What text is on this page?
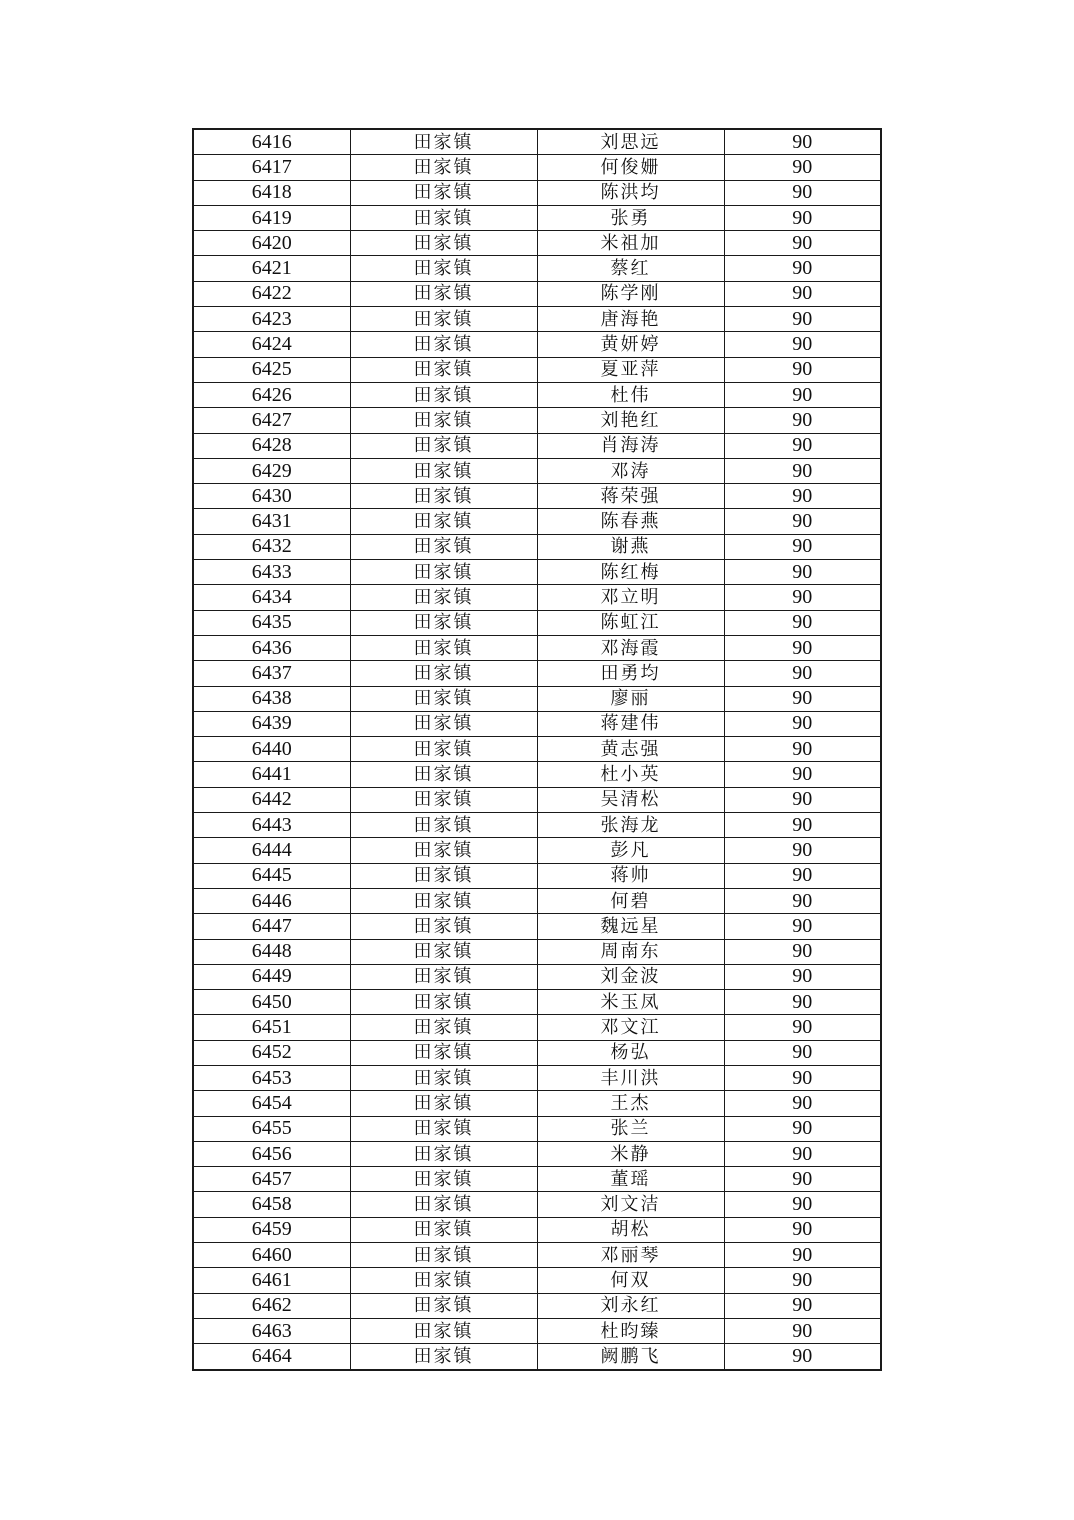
6416	田家镇	刘思远	90
6417	田家镇	何俊姗	90
6418	田家镇	陈洪均	90
6419	田家镇	张勇	90
6420	田家镇	米祖加	90
6421	田家镇	蔡红	90
6422	田家镇	陈学刚	90
6423	田家镇	唐海艳	90
6424	田家镇	黄妍婷	90
6425	田家镇	夏亚萍	90
6426	田家镇	杜伟	90
6427	田家镇	刘艳红	90
6428	田家镇	肖海涛	90
6429	田家镇	邓涛	90
6430	田家镇	蒋荣强	90
6431	田家镇	陈春燕	90
6432	田家镇	谢燕	90
6433	田家镇	陈红梅	90
6434	田家镇	邓立明	90
6435	田家镇	陈虹江	90
6436	田家镇	邓海霞	90
6437	田家镇	田勇均	90
6438	田家镇	廖丽	90
6439	田家镇	蒋建伟	90
6440	田家镇	黄志强	90
6441	田家镇	杜小英	90
6442	田家镇	吴清松	90
6443	田家镇	张海龙	90
6444	田家镇	彭凡	90
6445	田家镇	蒋帅	90
6446	田家镇	何碧	90
6447	田家镇	魏远星	90
6448	田家镇	周南东	90
6449	田家镇	刘金波	90
6450	田家镇	米玉凤	90
6451	田家镇	邓文江	90
6452	田家镇	杨弘	90
6453	田家镇	丰川洪	90
6454	田家镇	王杰	90
6455	田家镇	张兰	90
6456	田家镇	米静	90
6457	田家镇	董瑶	90
6458	田家镇	刘文洁	90
6459	田家镇	胡松	90
6460	田家镇	邓丽琴	90
6461	田家镇	何双	90
6462	田家镇	刘永红	90
6463	田家镇	杜昀臻	90
6464	田家镇	阙鹏飞	90
